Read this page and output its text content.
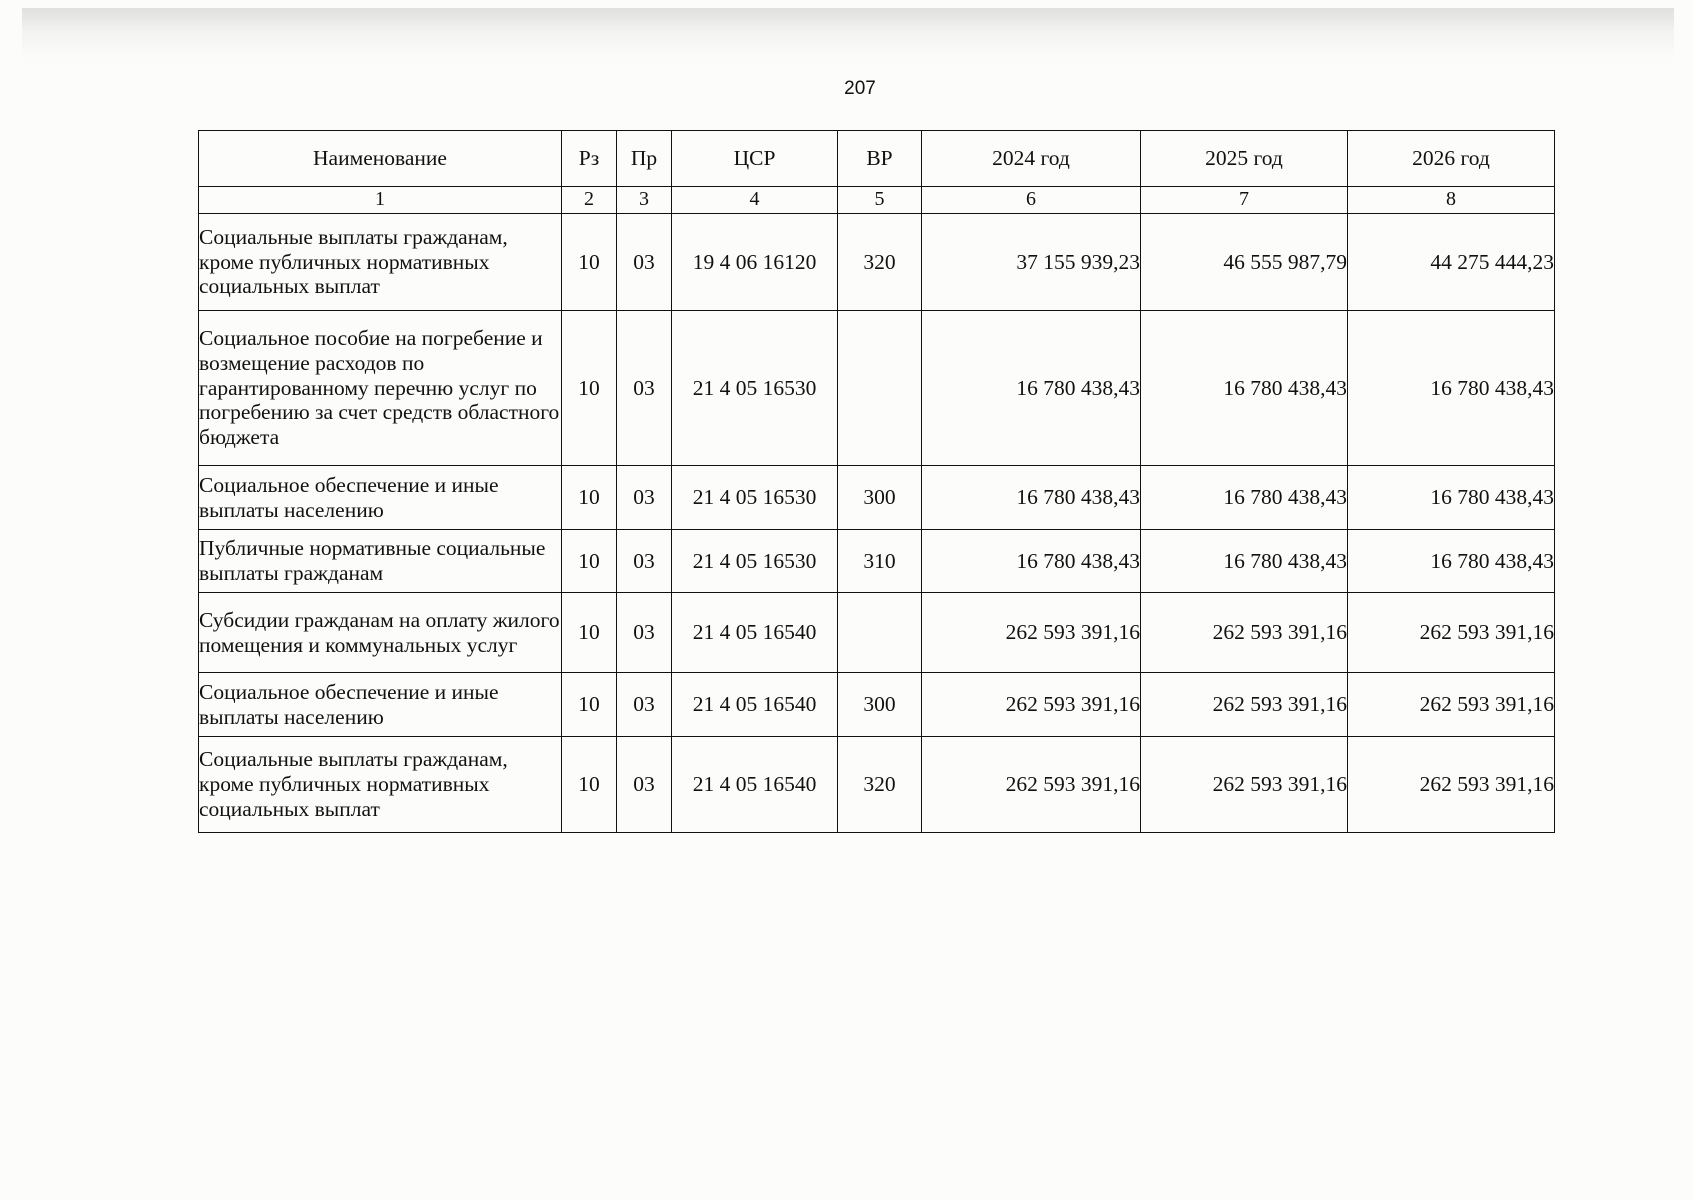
207
Наименование	Рз	Пр	ЦСР	ВР	2024 год	2025 год	2026 год
1	2	3	4	5	6	7	8
Социальные выплаты гражданам, кроме публичных нормативных социальных выплат	10	03	19 4 06 16120	320	37 155 939,23	46 555 987,79	44 275 444,23
Социальное пособие на погребение и возмещение расходов по гарантированному перечню услуг по погребению за счет средств областного бюджета	10	03	21 4 05 16530		16 780 438,43	16 780 438,43	16 780 438,43
Социальное обеспечение и иные выплаты населению	10	03	21 4 05 16530	300	16 780 438,43	16 780 438,43	16 780 438,43
Публичные нормативные социальные выплаты гражданам	10	03	21 4 05 16530	310	16 780 438,43	16 780 438,43	16 780 438,43
Субсидии гражданам на оплату жилого помещения и коммунальных услуг	10	03	21 4 05 16540		262 593 391,16	262 593 391,16	262 593 391,16
Социальное обеспечение и иные выплаты населению	10	03	21 4 05 16540	300	262 593 391,16	262 593 391,16	262 593 391,16
Социальные выплаты гражданам, кроме публичных нормативных социальных выплат	10	03	21 4 05 16540	320	262 593 391,16	262 593 391,16	262 593 391,16
